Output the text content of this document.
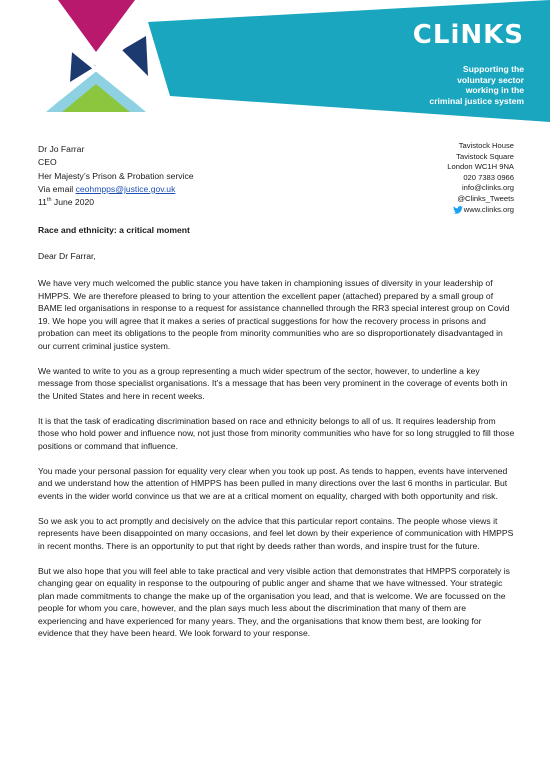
CLiNKS
Supporting the
voluntary sector
working in the
criminal justice system
Dr Jo Farrar
CEO
Her Majesty’s Prison & Probation service
Via email ceohmpps@justice.gov.uk
Tavistock House
Tavistock Square
London WC1H 9NA
020 7383 0966
info@clinks.org
@Clinks_Tweets
www.clinks.org
11th June 2020
Race and ethnicity: a critical moment
Dear Dr Farrar,

We have very much welcomed the public stance you have taken in championing issues of diversity in your leadership of HMPPS. We are therefore pleased to bring to your attention the excellent paper (attached) prepared by a small group of BAME led organisations in response to a request for assistance channelled through the RR3 special interest group on Covid 19. We hope you will agree that it makes a series of practical suggestions for how the recovery process in prisons and probation can meet its obligations to the people from minority communities who are so disproportionately disadvantaged in our current criminal justice system.

We wanted to write to you as a group representing a much wider spectrum of the sector, however, to underline a key message from those specialist organisations. It’s a message that has been very prominent in the coverage of events both in the United States and here in recent weeks.

It is that the task of eradicating discrimination based on race and ethnicity belongs to all of us. It requires leadership from those who hold power and influence now, not just those from minority communities who have for so long struggled to fill those positions or command that influence.

You made your personal passion for equality very clear when you took up post. As tends to happen, events have intervened and we understand how the attention of HMPPS has been pulled in many directions over the last 6 months in particular. But events in the wider world convince us that we are at a critical moment on equality, charged with both opportunity and risk.

So we ask you to act promptly and decisively on the advice that this particular report contains. The people whose views it represents have been disappointed on many occasions, and feel let down by their experience of communication with HMPPS in recent months. There is an opportunity to put that right by deeds rather than words, and inspire trust for the future.

But we also hope that you will feel able to take practical and very visible action that demonstrates that HMPPS corporately is changing gear on equality in response to the outpouring of public anger and shame that we have witnessed. Your strategic plan made commitments to change the make up of the organisation you lead, and that is welcome. We are focussed on the people for whom you care, however, and the plan says much less about the discrimination that many of them are experiencing and have experienced for many years. They, and the organisations that know them best, are looking for evidence that they have been heard. We look forward to your response.
